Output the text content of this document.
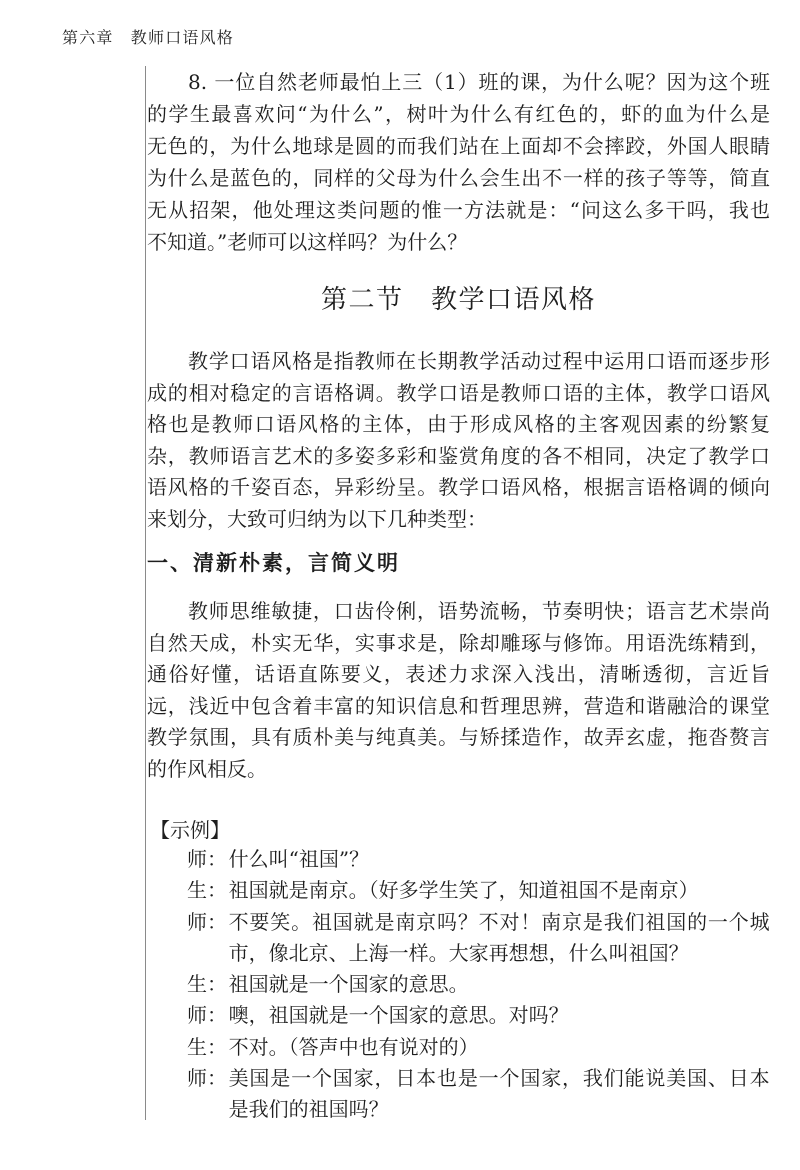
第六章　教师口语风格
8. 一位自然老师最怕上三（1）班的课，为什么呢？因为这个班
的学生最喜欢问“为什么”，树叶为什么有红色的，虾的血为什么是
无色的，为什么地球是圆的而我们站在上面却不会摔跤，外国人眼睛
为什么是蓝色的，同样的父母为什么会生出不一样的孩子等等，简直
无从招架，他处理这类问题的惟一方法就是：“问这么多干吗，我也
不知道。”老师可以这样吗？为什么？
第二节　教学口语风格
教学口语风格是指教师在长期教学活动过程中运用口语而逐步形
成的相对稳定的言语格调。教学口语是教师口语的主体，教学口语风
格也是教师口语风格的主体，由于形成风格的主客观因素的纷繁复
杂，教师语言艺术的多姿多彩和鉴赏角度的各不相同，决定了教学口
语风格的千姿百态，异彩纷呈。教学口语风格，根据言语格调的倾向
来划分，大致可归纳为以下几种类型：
一、清新朴素，言简义明
教师思维敏捷，口齿伶俐，语势流畅，节奏明快；语言艺术崇尚
自然天成，朴实无华，实事求是，除却雕琢与修饰。用语洗练精到，
通俗好懂，话语直陈要义，表述力求深入浅出，清晰透彻，言近旨
远，浅近中包含着丰富的知识信息和哲理思辨，营造和谐融洽的课堂
教学氛围，具有质朴美与纯真美。与矫揉造作，故弄玄虚，拖沓赘言
的作风相反。
【示例】
师： 什么叫“祖国”？
生： 祖国就是南京。（好多学生笑了，知道祖国不是南京）
师： 不要笑。祖国就是南京吗？不对！南京是我们祖国的一个城
市，像北京、上海一样。大家再想想，什么叫祖国？
生： 祖国就是一个国家的意思。
师： 噢，祖国就是一个国家的意思。对吗？
生： 不对。（答声中也有说对的）
师： 美国是一个国家，日本也是一个国家，我们能说美国、日本
是我们的祖国吗？
